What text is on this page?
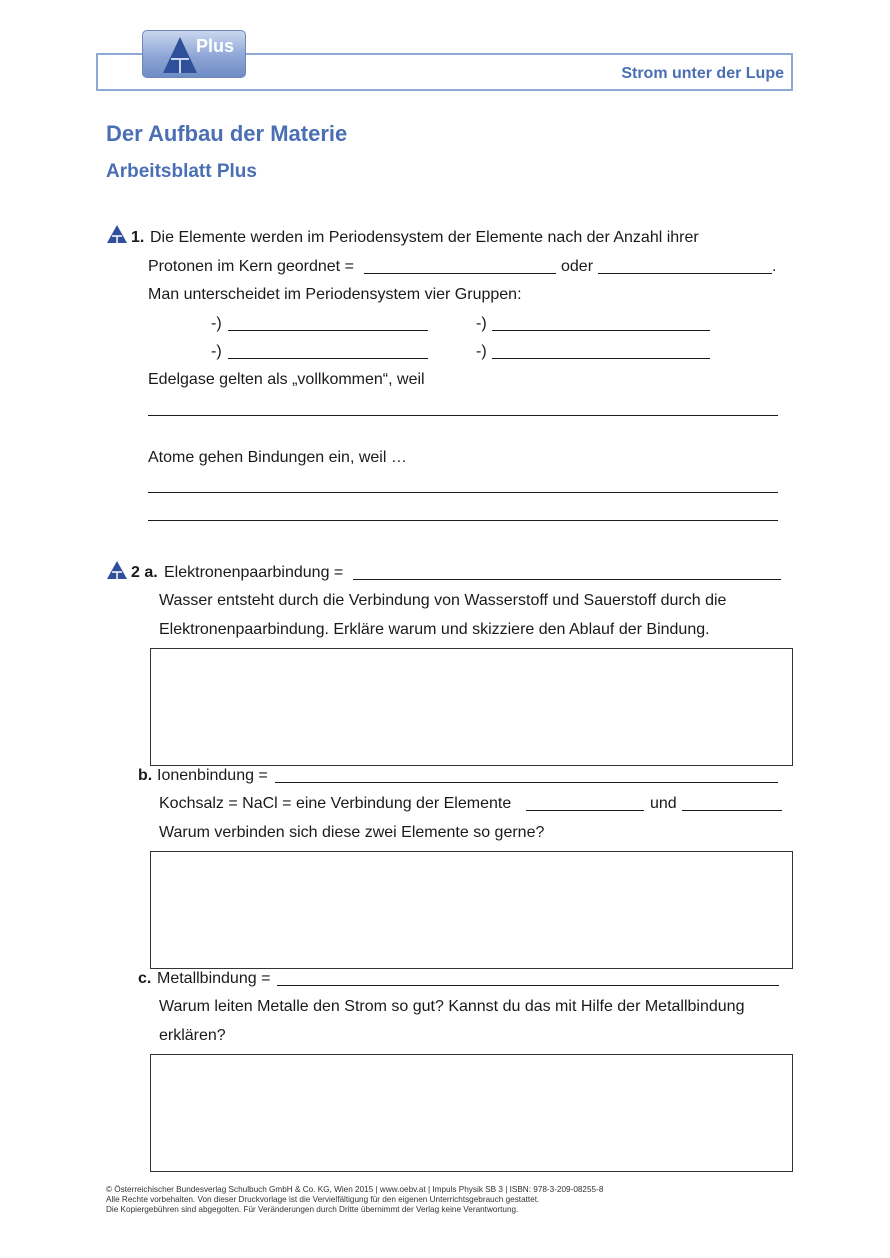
Plus
Strom unter der Lupe
Der Aufbau der Materie
Arbeitsblatt Plus
1. Die Elemente werden im Periodensystem der Elemente nach der Anzahl ihrer
Protonen im Kern geordnet =	oder	.
Man unterscheidet im Periodensystem vier Gruppen:
-)	-)
-)	-)
Edelgase gelten als „vollkommen“, weil
Atome gehen Bindungen ein, weil …
2 a. Elektronenpaarbindung =
Wasser entsteht durch die Verbindung von Wasserstoff und Sauerstoff durch die
Elektronenpaarbindung. Erkläre warum und skizziere den Ablauf der Bindung.
b. Ionenbindung =
Kochsalz = NaCl = eine Verbindung der Elemente	und
Warum verbinden sich diese zwei Elemente so gerne?
c. Metallbindung =
Warum leiten Metalle den Strom so gut? Kannst du das mit Hilfe der Metallbindung
erklären?
© Österreichischer Bundesverlag Schulbuch GmbH & Co. KG, Wien 2015 | www.oebv.at | Impuls Physik SB 3 | ISBN: 978-3-209-08255-8
Alle Rechte vorbehalten. Von dieser Druckvorlage ist die Vervielfältigung für den eigenen Unterrichtsgebrauch gestattet.
Die Kopiergebühren sind abgegolten. Für Veränderungen durch Dritte übernimmt der Verlag keine Verantwortung.
